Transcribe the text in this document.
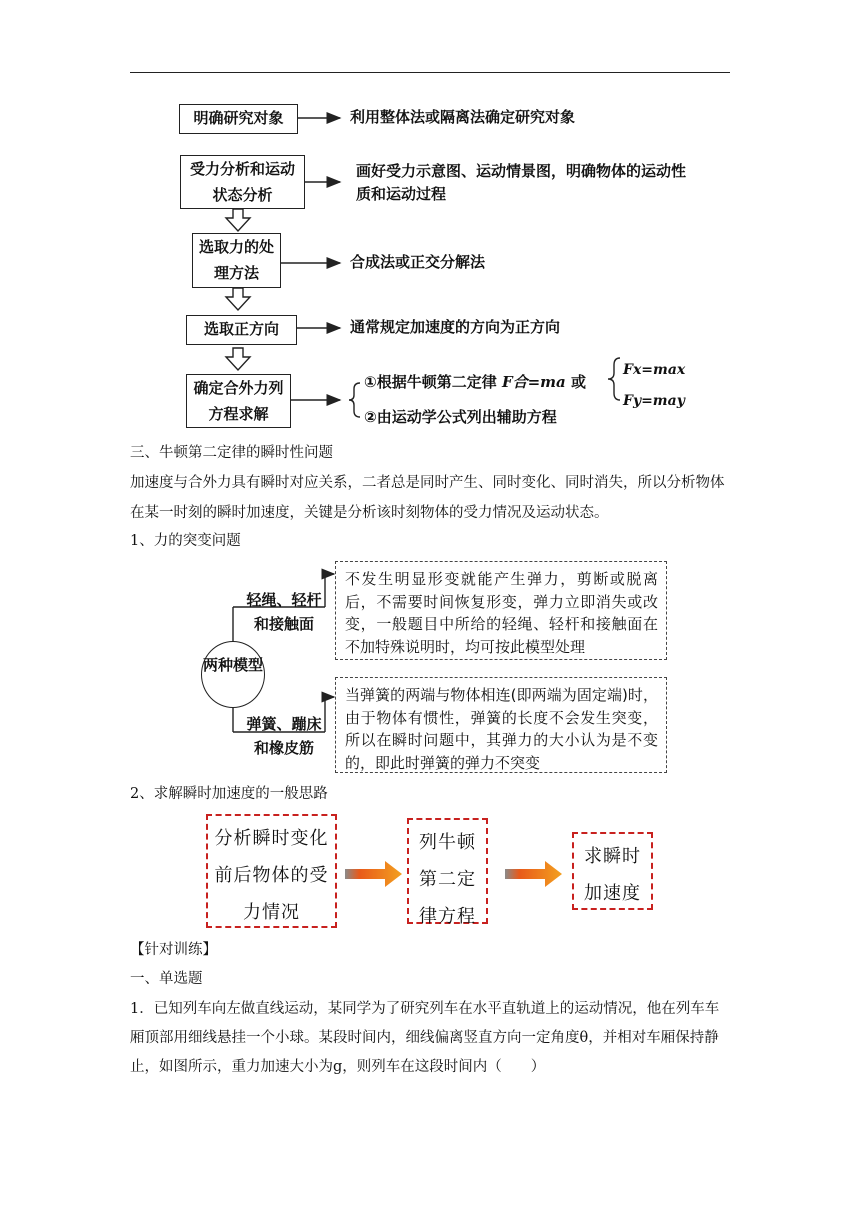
明确研究对象	利用整体法或隔离法确定研究对象
受力分析和运动状态分析
画好受力示意图、运动情景图，明确物体的运动性质和运动过程
选取力的处理方法
合成法或正交分解法
选取正方向	通常规定加速度的方向为正方向
确定合外力列方程求解
①根据牛顿第二定律 F合=ma 或
Fx=max
Fy=may
②由运动学公式列出辅助方程
三、牛顿第二定律的瞬时性问题
加速度与合外力具有瞬时对应关系，二者总是同时产生、同时变化、同时消失，所以分析物体在某一时刻的瞬时加速度，关键是分析该时刻物体的受力情况及运动状态。
1、力的突变问题
两种模型
轻绳、轻杆和接触面
不发生明显形变就能产生弹力，剪断或脱离后，不需要时间恢复形变，弹力立即消失或改变，一般题目中所给的轻绳、轻杆和接触面在不加特殊说明时，均可按此模型处理
弹簧、蹦床和橡皮筋
当弹簧的两端与物体相连(即两端为固定端)时，由于物体有惯性，弹簧的长度不会发生突变，所以在瞬时问题中，其弹力的大小认为是不变的，即此时弹簧的弹力不突变
2、求解瞬时加速度的一般思路
分析瞬时变化前后物体的受力情况
列牛顿第二定律方程
求瞬时加速度
【针对训练】
一、单选题
1．已知列车向左做直线运动，某同学为了研究列车在水平直轨道上的运动情况，他在列车车厢顶部用细线悬挂一个小球。某段时间内，细线偏离竖直方向一定角度θ，并相对车厢保持静止，如图所示，重力加速大小为g，则列车在这段时间内（　　）
